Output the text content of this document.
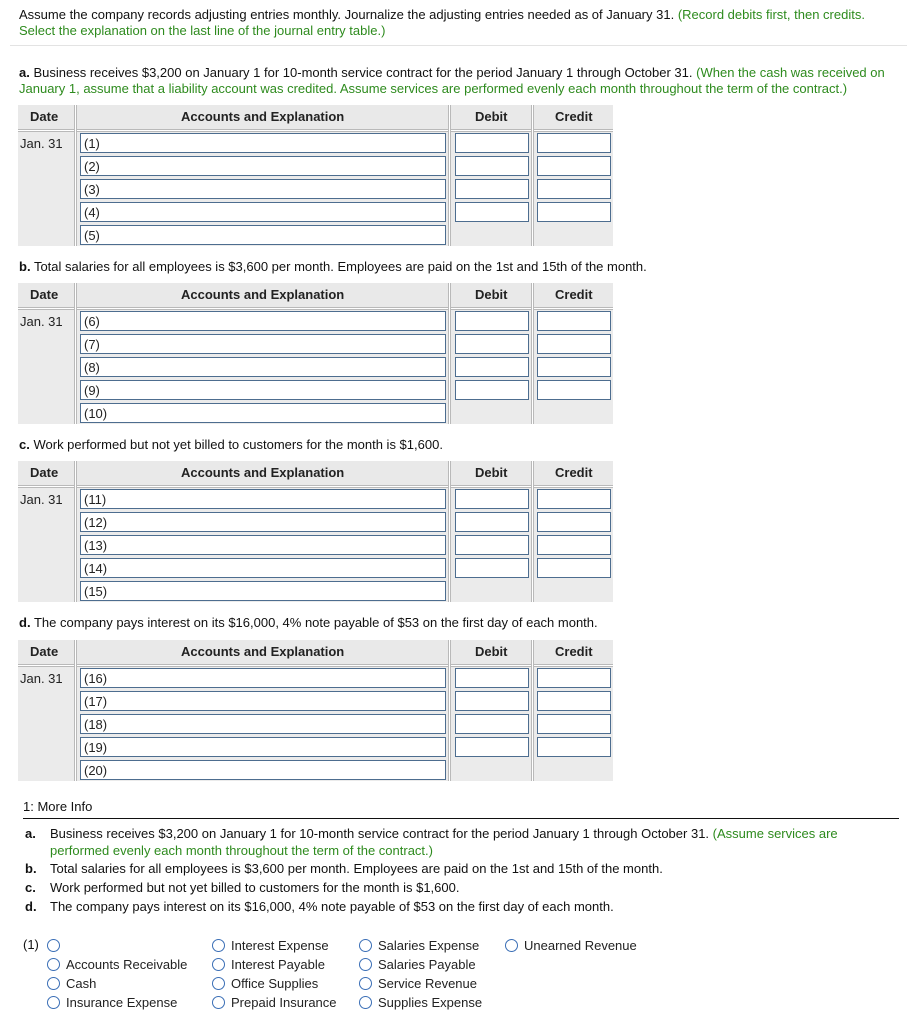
Assume the company records adjusting entries monthly. Journalize the adjusting entries needed as of January 31. (Record debits first, then credits. Select the explanation on the last line of the journal entry table.)
a. Business receives $3,200 on January 1 for 10-month service contract for the period January 1 through October 31. (When the cash was received on January 1, assume that a liability account was credited. Assume services are performed evenly each month throughout the term of the contract.)
Date	Accounts and Explanation	Debit	Credit
Jan. 31	(1)
(2)
(3)
(4)
(5)
b. Total salaries for all employees is $3,600 per month. Employees are paid on the 1st and 15th of the month.
Date	Accounts and Explanation	Debit	Credit
Jan. 31	(6)
(7)
(8)
(9)
(10)
c. Work performed but not yet billed to customers for the month is $1,600.
Date	Accounts and Explanation	Debit	Credit
Jan. 31	(11)
(12)
(13)
(14)
(15)
d. The company pays interest on its $16,000, 4% note payable of $53 on the first day of each month.
Date	Accounts and Explanation	Debit	Credit
Jan. 31	(16)
(17)
(18)
(19)
(20)
1: More Info
a. Business receives $3,200 on January 1 for 10-month service contract for the period January 1 through October 31. (Assume services are performed evenly each month throughout the term of the contract.)
b. Total salaries for all employees is $3,600 per month. Employees are paid on the 1st and 15th of the month.
c. Work performed but not yet billed to customers for the month is $1,600.
d. The company pays interest on its $16,000, 4% note payable of $53 on the first day of each month.
(1)
Accounts Receivable
Cash
Insurance Expense
Interest Expense
Interest Payable
Office Supplies
Prepaid Insurance
Salaries Expense
Salaries Payable
Service Revenue
Supplies Expense
Unearned Revenue
